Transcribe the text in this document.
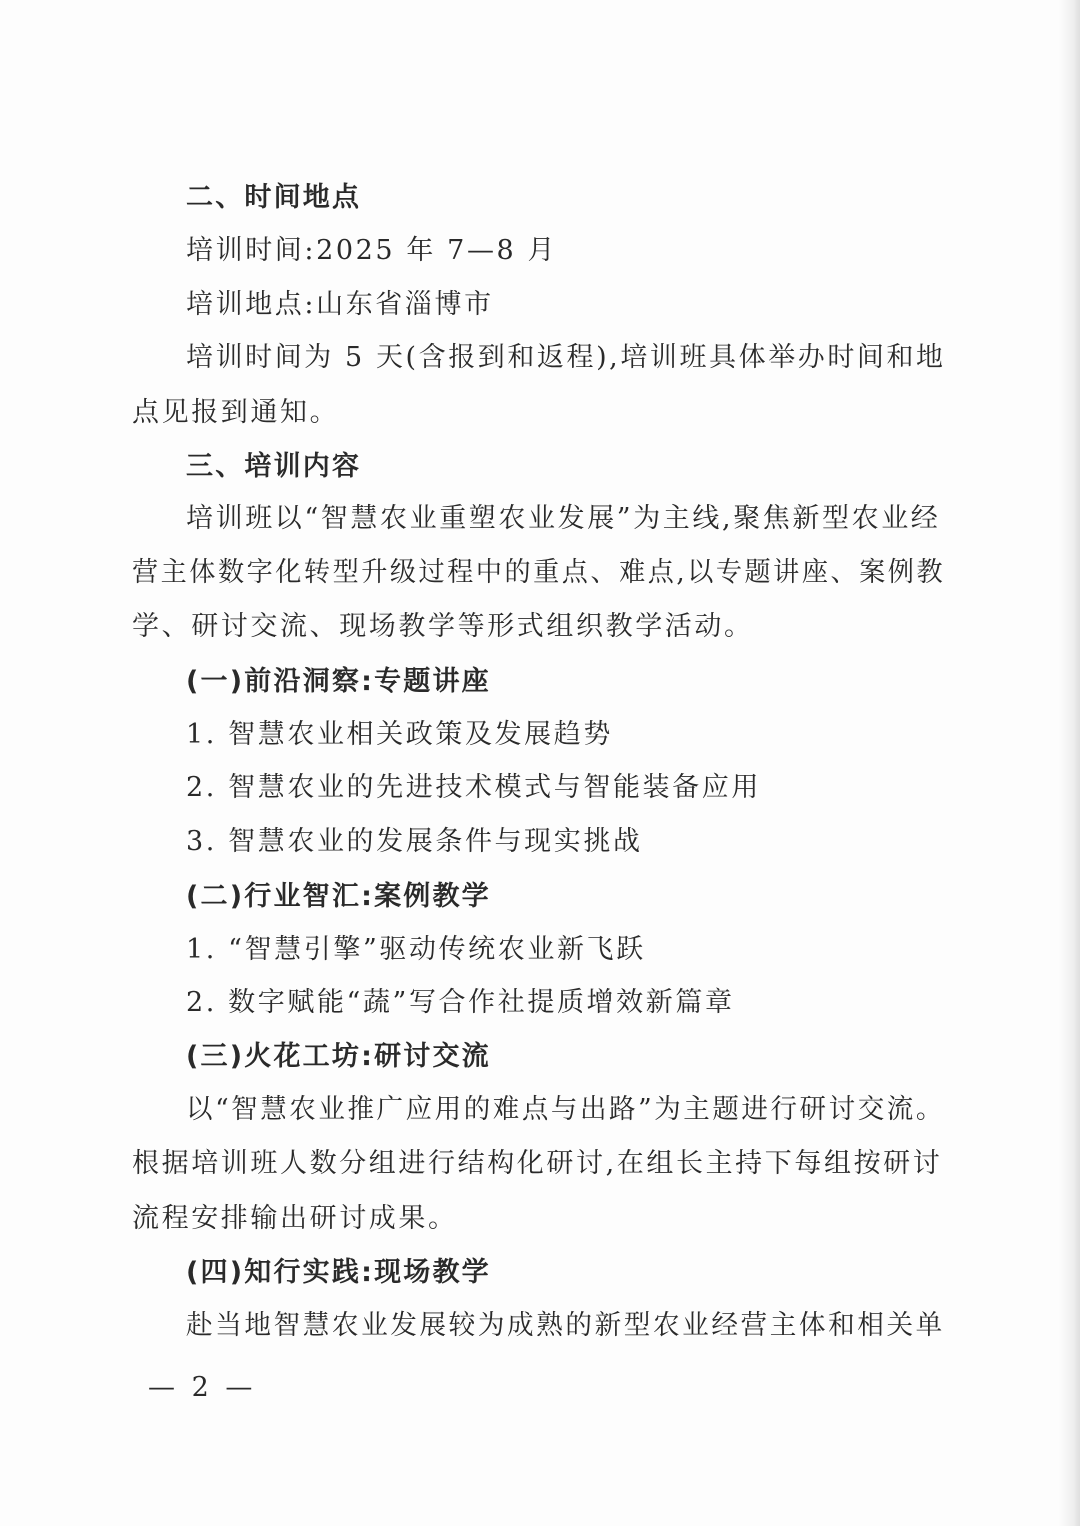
二、时间地点
培训时间:2025 年 7—8 月
培训地点:山东省淄博市
培训时间为 5 天(含报到和返程),培训班具体举办时间和地
点见报到通知。
三、培训内容
培训班以“智慧农业重塑农业发展”为主线,聚焦新型农业经
营主体数字化转型升级过程中的重点、难点,以专题讲座、案例教
学、研讨交流、现场教学等形式组织教学活动。
(一)前沿洞察:专题讲座
1. 智慧农业相关政策及发展趋势
2. 智慧农业的先进技术模式与智能装备应用
3. 智慧农业的发展条件与现实挑战
(二)行业智汇:案例教学
1. “智慧引擎”驱动传统农业新飞跃
2. 数字赋能“蔬”写合作社提质增效新篇章
(三)火花工坊:研讨交流
以“智慧农业推广应用的难点与出路”为主题进行研讨交流。
根据培训班人数分组进行结构化研讨,在组长主持下每组按研讨
流程安排输出研讨成果。
(四)知行实践:现场教学
赴当地智慧农业发展较为成熟的新型农业经营主体和相关单
— 2 —
